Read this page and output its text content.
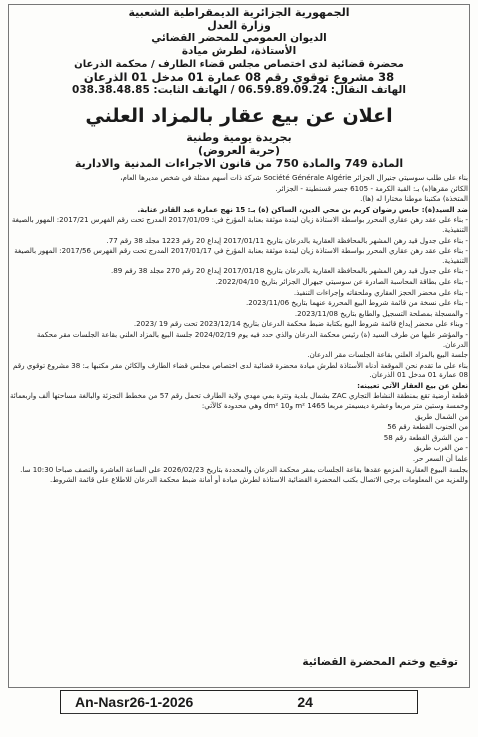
الجمهورية الجزائرية الديمقراطية الشعبية
وزارة العدل
الديوان العمومي للمحضر القضائي
الأستاذة، لطرش ميادة
محضرة قضائية لدى اختصاص مجلس قضاء الطارف / محكمة الذرعان
38 مشروع توقوي رقم 08 عمارة 01 مدخل 01 الذرعان
الهاتف النقال: 06.59.89.09.24 / الهاتف الثابت: 038.38.48.85
اعلان عن بيع عقار بالمزاد العلني
بجريدة يومية وطنية
(حرية العروض)
المادة 749 والمادة 750 من قانون الاجراءات المدنية والادارية

بناء على طلب سوسيتي جنيرال الجزائر Société Générale Algérie شركة ذات أسهم ممثلة في شخص مديرها العام،

الكائن مقرها(ه) بـ: القبة الكرمة - 6105 جسر قسنطينة - الجزائر.

المتخذة) مكتبنا موطنا مختارا له (ها).

ضد السيد(ة): حابس رضوان كريم بن محي الدين، الساكن (ة) بـ: 15 نهج عمارة عبد القادر عنابة.

- بناء على عقد رهن عقاري المحرر بواسطة الاستاذة زيان ليندة موثقة بعنابة المؤرخ في: 2017/01/09 المدرج تحت رقم الفهرس 2017/21: المهور بالصيغة التنفيذية.

- بناء على جدول قيد رهن المشهر بالمحافظة العقارية بالدرعان بتاريخ 2017/01/11 إيداع 20 رقم 1223 مجلد 38 رقم 77.

- بناء على عقد رهن عقاري المحرر بواسطة الاستاذة زيان ليندة موثقة بعنابة المؤرخ في 2017/01/17 المدرج تحت رقم الفهرس 2017/56: المهور بالصيغة التنفيذية.

- بناء على جدول قيد رهن المشهر بالمحافظة العقارية بالدرعان بتاريخ 2017/01/18 إيداع 20 رقم 270 مجلد 38 رقم 89.

- بناء على بطاقة المحاسبة الصادرة عن سوسيتي جيهرال الجزائر بتاريخ 2022/04/10.

- بناء على محضر الحجز العقاري وملحقاته وإجراءات التنفيذ.

- بناء على نسخة من قائمة شروط البيع المحررة عنهما بتاريخ 2023/11/06.

- والمسجلة بمصلحة التسجيل والطابع بتاريخ 2023/11/08.

- وبناء على محضر إيداع قائمة شروط البيع بكتابة ضبط محكمة الدرعان بتاريخ 2023/12/14 تحت رقم 19 /2023.

- والمؤشر عليها من طرف السيد (ة) رئيس محكمة الدرعان والذي حدد فيه يوم 2024/02/19 جلسة البيع بالمزاد العلني بقاعة الجلسات مقر محكمة الدرعان.

جلسة البيع بالمزاد العلني بقاعة الجلسات مقر الدرعان.

بناء على ما تقدم نحن الموقعة أدناه الأستاذة لطرش ميادة محضرة قضائية لدى اختصاص مجلس قضاء الطارف والكائن مقر مكتبها بـ: 38 مشروع توقوي رقم 08 عمارة 01 مدخل 01 الذرعان.

نعلن عن بيع العقار الآتي تعيينه:

قطعة أرضية تقع بمنطقة النشاط التجاري ZAC بشمال بلدية وتترة بمي مهدي ولاية الطارف تحمل رقم 57 من مخطط التجزئة والبالغة مساحتها ألف واربعمائة وخمسة وستين متر مربعا وعشرة ديسيمتر مربعا 1465 m² و10 dm² وهي محدودة كالآتي:

من الشمال طريق

من الجنوب القطعة رقم 56

- من الشرق القطعة رقم 58

- من الغرب طريق

علما أن السعر حر.

بجلسة البيوع العقارية المزمع عقدها بقاعة الجلسات بمقر محكمة الدرعان والمحددة بتاريخ 2026/02/23 على الساعة العاشرة والنصف صباحا 10:30 سا.

وللمزيد من المعلومات يرجى الاتصال بكتب المحضرة القضائية الاستاذة لطرش ميادة أو أمانة ضبط محكمة الدرعان للاطلاع على قائمة الشروط.

توقيع وختم المحضرة القضائية
An-Nasr26-1-2026	24
